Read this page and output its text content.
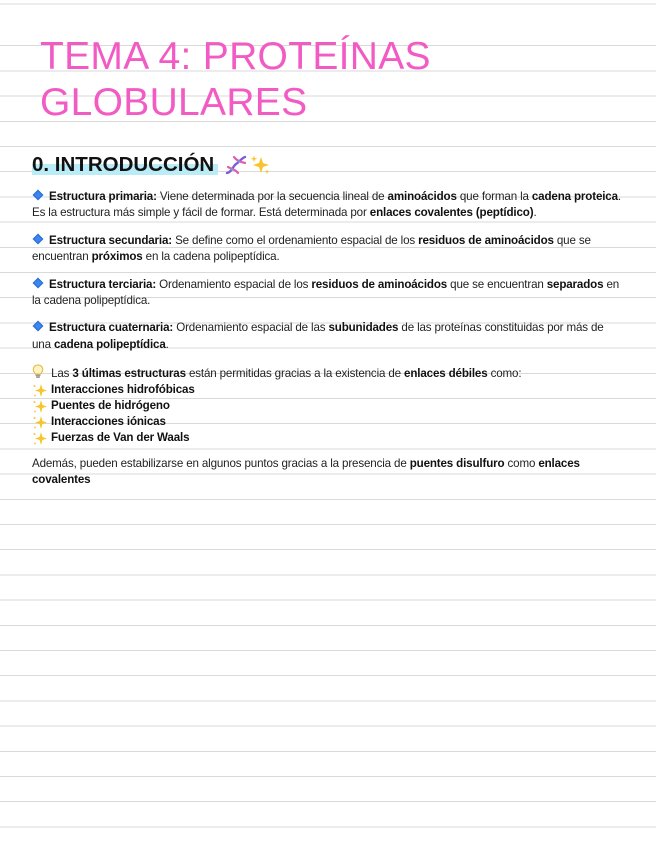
TEMA 4: PROTEÍNAS
GLOBULARES
0. INTRODUCCIÓN

Estructura primaria: Viene determinada por la secuencia lineal de aminoácidos que forman la cadena proteica. Es la estructura más simple y fácil de formar. Está determinada por enlaces covalentes (peptídico).

Estructura secundaria: Se define como el ordenamiento espacial de los residuos de aminoácidos que se encuentran próximos en la cadena polipeptídica.

Estructura terciaria: Ordenamiento espacial de los residuos de aminoácidos que se encuentran separados en la cadena polipeptídica.

Estructura cuaternaria: Ordenamiento espacial de las subunidades de las proteínas constituidas por más de una cadena polipeptídica.

Las 3 últimas estructuras están permitidas gracias a la existencia de enlaces débiles como:
Interacciones hidrofóbicas
Puentes de hidrógeno
Interacciones iónicas
Fuerzas de Van der Waals

Además, pueden estabilizarse en algunos puntos gracias a la presencia de puentes disulfuro como enlaces covalentes
